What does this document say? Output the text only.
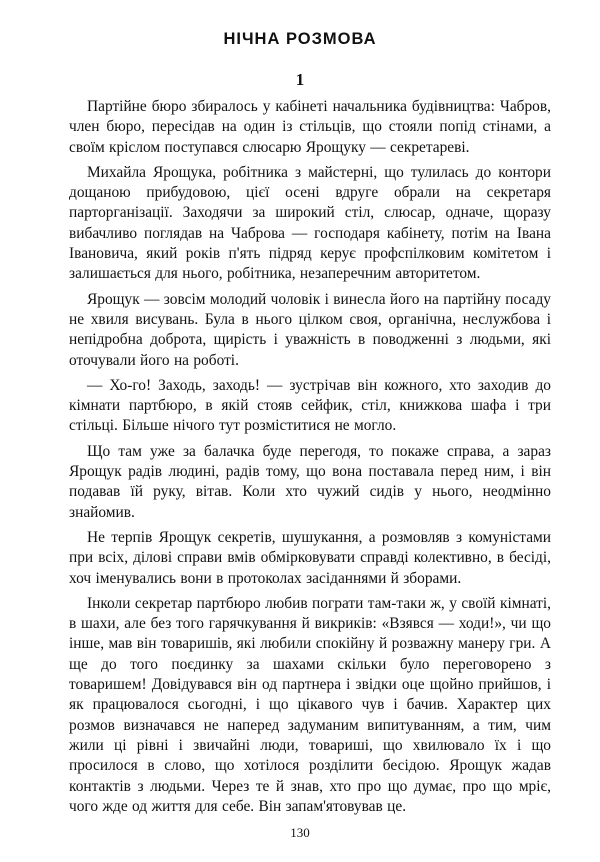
НІЧНА РОЗМОВА
1

Партійне бюро збиралось у кабінеті начальника будівництва: Чабров, член бюро, пересідав на один із стільців, що стояли попід стінами, а своїм кріслом поступався слюсарю Ярощуку — секретареві.

Михайла Ярощука, робітника з майстерні, що тулилась до контори дощаною прибудовою, цієї осені вдруге обрали на секретаря парторганізації. Заходячи за широкий стіл, слюсар, одначе, щоразу вибачливо поглядав на Чаброва — господаря кабінету, потім на Івана Івановича, який років п'ять підряд керує профспілковим комітетом і залишається для нього, робітника, незаперечним авторитетом.

Ярощук — зовсім молодий чоловік і винесла його на партійну посаду не хвиля висувань. Була в нього цілком своя, органічна, неслужбова і непідробна доброта, щирість і уважність в поводженні з людьми, які оточували його на роботі.

— Хо-го! Заходь, заходь! — зустрічав він кожного, хто заходив до кімнати партбюро, в якій стояв сейфик, стіл, книжкова шафа і три стільці. Більше нічого тут розміститися не могло.

Що там уже за балачка буде перегодя, то покаже справа, а зараз Ярощук радів людині, радів тому, що вона поставала перед ним, і він подавав їй руку, вітав. Коли хто чужий сидів у нього, неодмінно знайомив.

Не терпів Ярощук секретів, шушукання, а розмовляв з комуністами при всіх, ділові справи вмів обмірковувати справді колективно, в бесіді, хоч іменувались вони в протоколах засіданнями й зборами.

Інколи секретар партбюро любив пограти там-таки ж, у своїй кімнаті, в шахи, але без того гарячкування й викриків: «Взявся — ходи!», чи що інше, мав він товаришів, які любили спокійну й розважну манеру гри. А ще до того поєдинку за шахами скільки було переговорено з товаришем! Довідувався він од партнера і звідки оце щойно прийшов, і як працювалося сьогодні, і що цікавого чув і бачив. Характер цих розмов визначався не наперед задуманим випитуванням, а тим, чим жили ці рівні і звичайні люди, товариші, що хвилювало їх і що просилося в слово, що хотілося розділити бесідою. Ярощук жадав контактів з людьми. Через те й знав, хто про що думає, про що мріє, чого жде од життя для себе. Він запам'ятовував це.

130
